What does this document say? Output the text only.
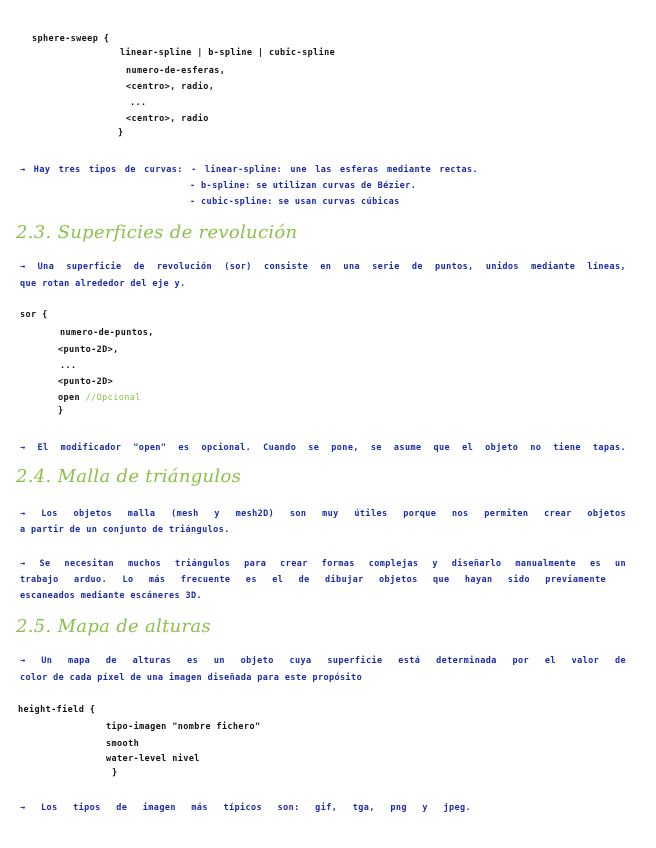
sphere-sweep {
linear-spline | b-spline | cubic-spline
numero-de-esferas,
<centro>, radio,
...
<centro>, radio
}
→ Hay tres tipos de curvas: - linear-spline: une las esferas mediante rectas.
- b-spline: se utilizan curvas de Bézier.
- cubic-spline: se usan curvas cúbicas
2.3. Superficies de revolución
→ Una superficie de revolución (sor) consiste en una serie de puntos, unidos mediante líneas,
que rotan alrededor del eje y.
sor {
numero-de-puntos,
<punto-2D>,
...
<punto-2D>
open //Opcional
}
→ El modificador "open" es opcional. Cuando se pone, se asume que el objeto no tiene tapas.
2.4. Malla de triángulos
→ Los objetos malla (mesh y mesh2D) son muy útiles porque nos permiten crear objetos
a partir de un conjunto de triángulos.
→ Se necesitan muchos triángulos para crear formas complejas y diseñarlo manualmente es un
trabajo arduo. Lo más frecuente es el de dibujar objetos que hayan sido previamente
escaneados mediante escáneres 3D.
2.5. Mapa de alturas
→ Un mapa de alturas es un objeto cuya superficie está determinada por el valor de
color de cada píxel de una imagen diseñada para este propósito
height-field {
tipo-imagen "nombre fichero"
smooth
water-level nivel
}
→ Los tipos de imagen más típicos son: gif, tga, png y jpeg.
